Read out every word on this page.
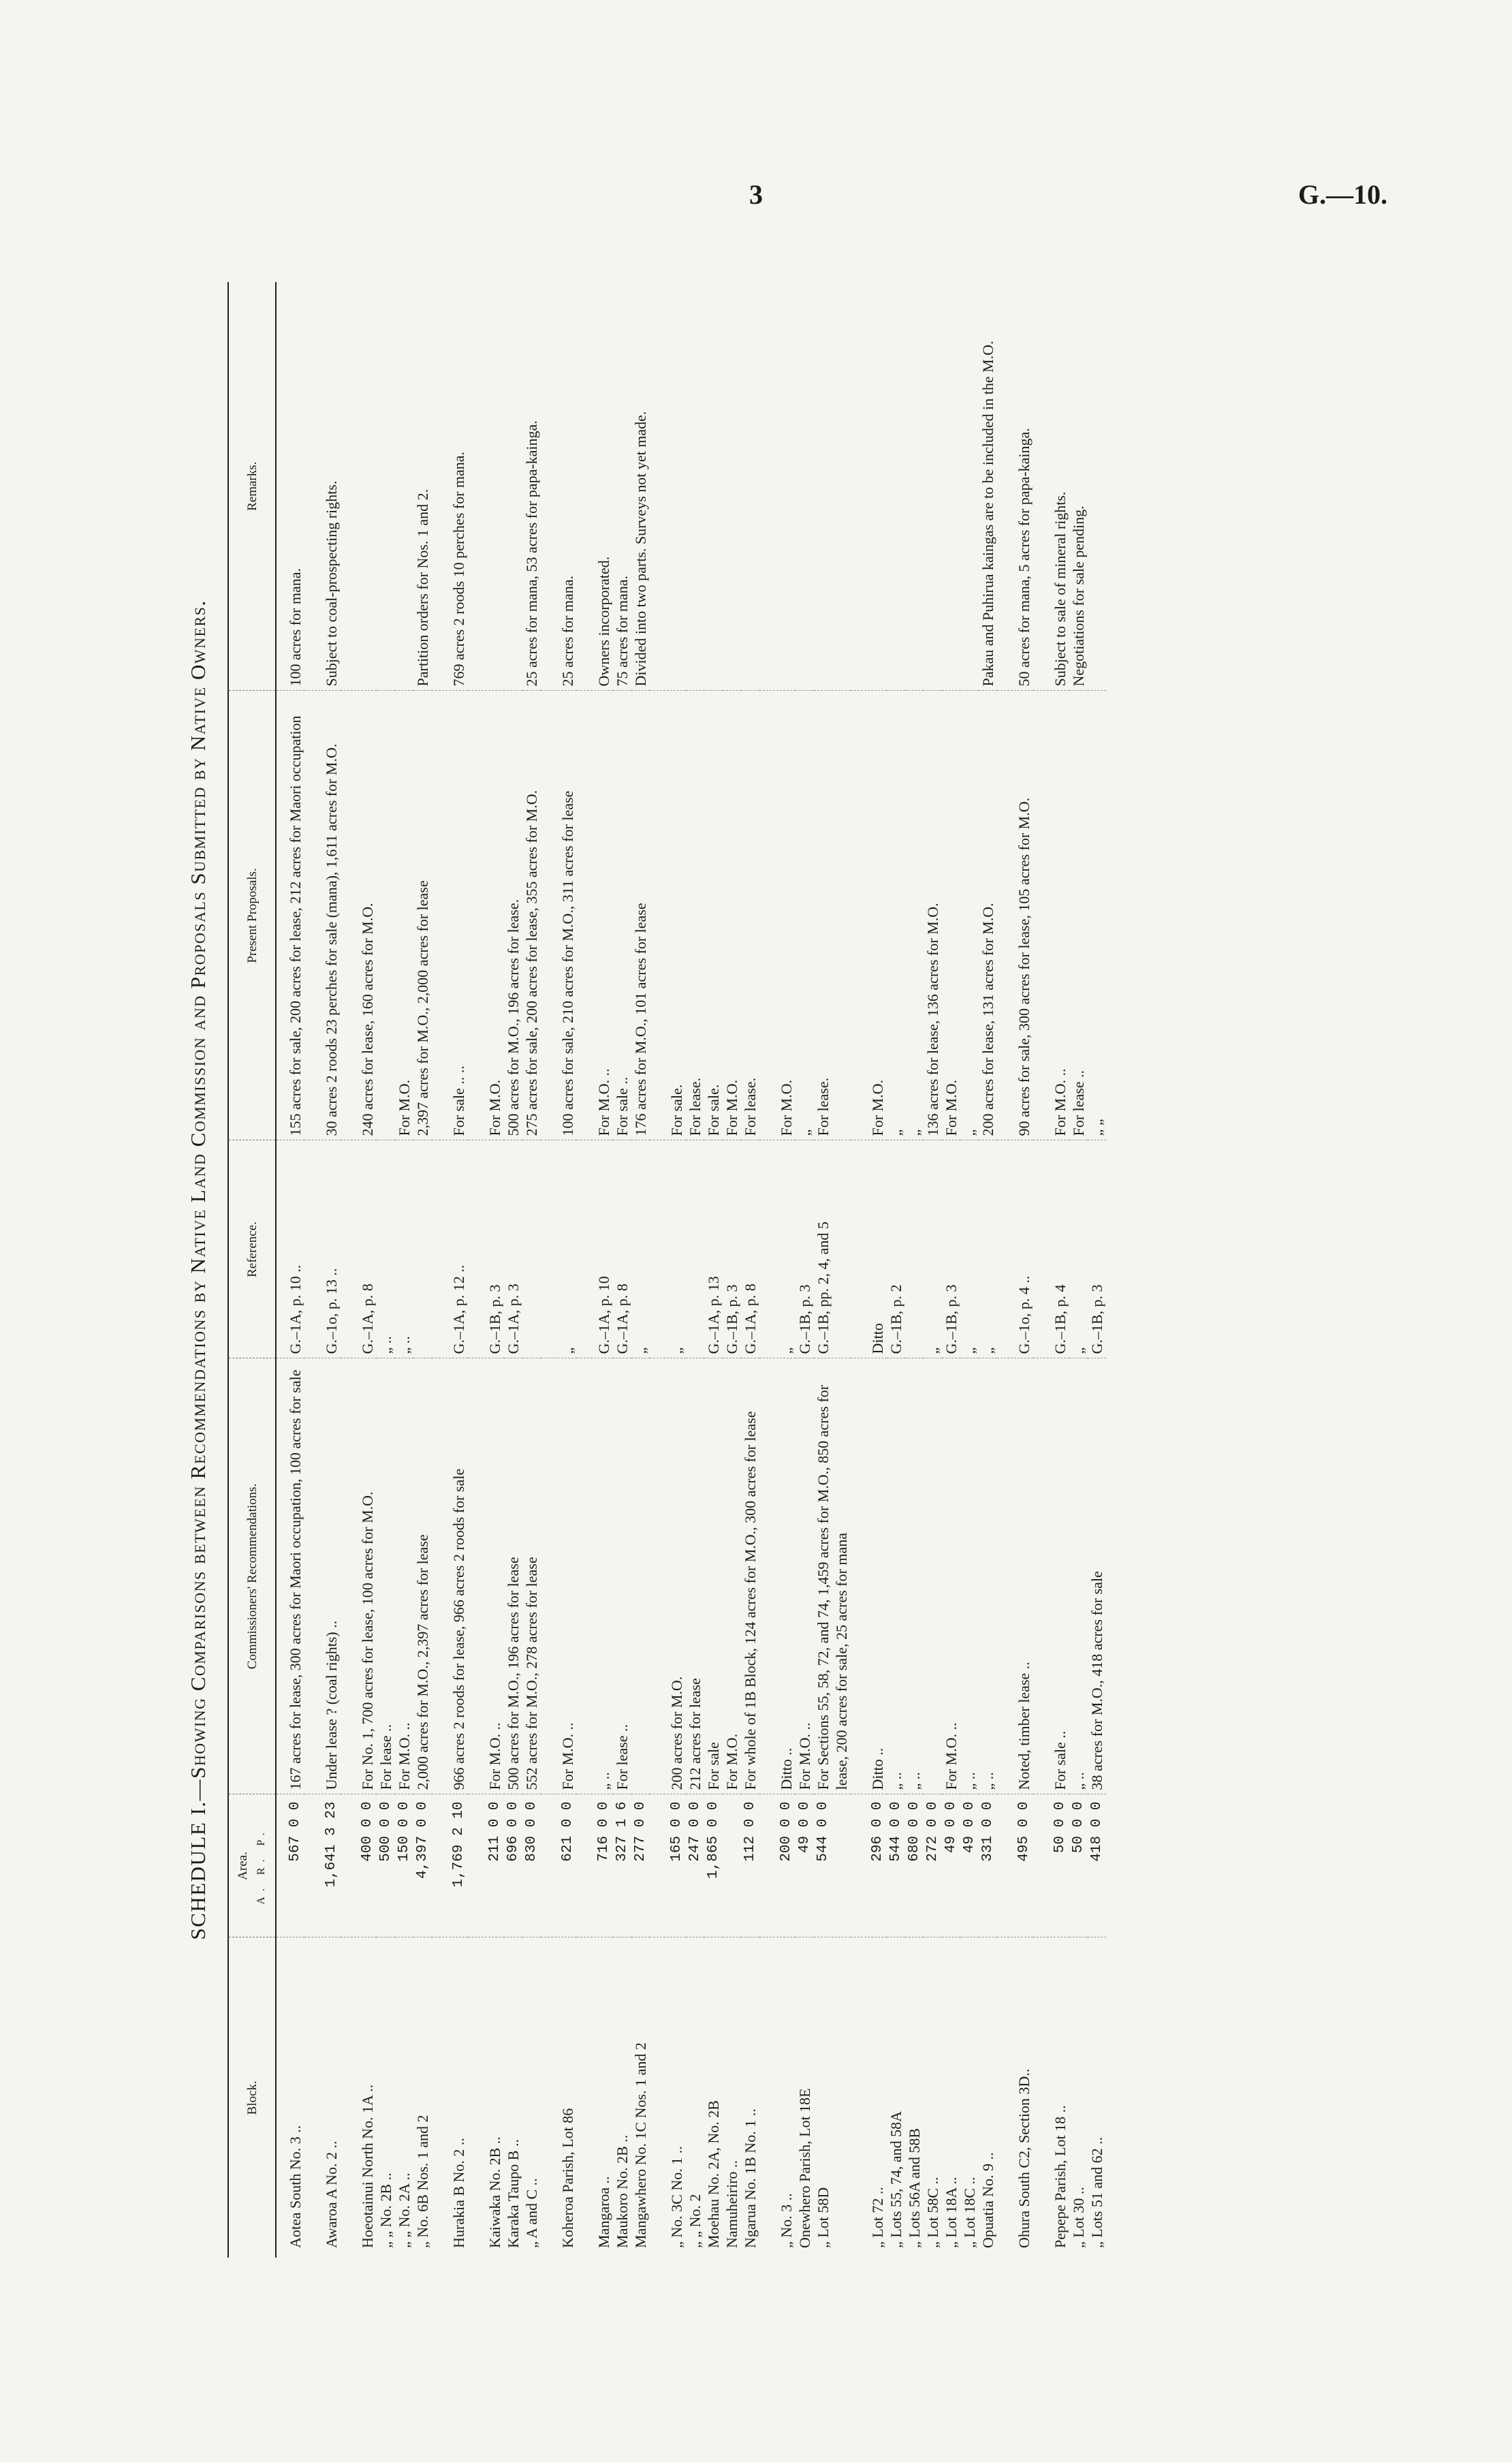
3	G.—10.
SCHEDULE I.—Showing Comparisons between Recommendations by Native Land Commission and Proposals Submitted by Native Owners.
Block.	Area. A. R. P.	Commissioners' Recommendations.	Reference.	Present Proposals.	Remarks.
Aotea South No. 3 ..	567 0 0	167 acres for lease, 300 acres for Maori occupation, 100 acres for sale	G.–1A, p. 10 ..	155 acres for sale, 200 acres for lease, 212 acres for Maori occupation	100 acres for mana.
Awaroa A No. 2 ..	1,641 3 23	Under lease ? (coal rights) ..	G.–1o, p. 13 ..	30 acres 2 roods 23 perches for sale (mana), 1,611 acres for M.O.	Subject to coal-prospecting rights.
Hoeotainui North No. 1A ..	400 0 0	For No. 1, 700 acres for lease, 100 acres for M.O.	G.–1A, p. 8	240 acres for lease, 160 acres for M.O.	
„ „ No. 2B ..	500 0 0	For lease ..	„ ..		
„ „ No. 2A ..	150 0 0	For M.O. ..	„ ..	For M.O.	
„ No. 6B Nos. 1 and 2	4,397 0 0	2,000 acres for M.O., 2,397 acres for lease		2,397 acres for M.O., 2,000 acres for lease	Partition orders for Nos. 1 and 2.
Hurakia B No. 2 ..	1,769 2 10	966 acres 2 roods for lease, 966 acres 2 roods for sale	G.–1A, p. 12 ..	For sale .. ..	769 acres 2 roods 10 perches for mana.
Kaiwaka No. 2B ..	211 0 0	For M.O. ..	G.–1B, p. 3	For M.O.	
Karaka Taupo B ..	696 0 0	500 acres for M.O., 196 acres for lease	G.–1A, p. 3	500 acres for M.O., 196 acres for lease.	
„ A and C ..	830 0 0	552 acres for M.O., 278 acres for lease		275 acres for sale, 200 acres for lease, 355 acres for M.O.	25 acres for mana, 53 acres for papa-kainga.
Koheroa Parish, Lot 86	621 0 0	For M.O. ..	„	100 acres for sale, 210 acres for M.O., 311 acres for lease	25 acres for mana.
Mangaroa ..	716 0 0	„ ..	G.–1A, p. 10	For M.O. ..	Owners incorporated.
Maukoro No. 2B ..	327 1 6	For lease ..	G.–1A, p. 8	For sale ..	75 acres for mana.
Mangawhero No. 1C Nos. 1 and 2	277 0 0		„	176 acres for M.O., 101 acres for lease	Divided into two parts. Surveys not yet made.
„ No. 3C No. 1 ..	165 0 0	200 acres for M.O.	„	For sale.	
„ „ No. 2	247 0 0	212 acres for lease		For lease.	
Moehau No. 2A, No. 2B	1,865 0 0	For sale	G.–1A, p. 13	For sale.	
Namuheiriro ..		For M.O.	G.–1B, p. 3	For M.O.	
Ngarua No. 1B No. 1 ..	112 0 0	For whole of 1B Block, 124 acres for M.O., 300 acres for lease	G.–1A, p. 8	For lease.	
„ No. 3 ..	200 0 0	Ditto ..	„	For M.O.	
Onewhero Parish, Lot 18E	49 0 0	For M.O. ..	G.–1B, p. 3	„	
„ Lot 58D	544 0 0	For Sections 55, 58, 72, and 74, 1,459 acres for M.O., 850 acres for lease, 200 acres for sale, 25 acres for mana	G.–1B, pp. 2, 4, and 5	For lease.	
„ Lot 72 ..	296 0 0	Ditto ..	Ditto	For M.O.	
„ Lots 55, 74, and 58A	544 0 0	„ ..	G.–1B, p. 2	„	
„ Lots 56A and 58B	680 0 0	„ ..		„	
„ Lot 58C ..	272 0 0		„	136 acres for lease, 136 acres for M.O.	
„ Lot 18A ..	49 0 0	For M.O. ..	G.–1B, p. 3	For M.O.	
„ Lot 18C ..	49 0 0	„ ..	„	„	
Opuatia No. 9 ..	331 0 0	„ ..	„	200 acres for lease, 131 acres for M.O.	Pakau and Puhirua kaingas are to be included in the M.O.
Ohura South C2, Section 3D..	495 0 0	Noted, timber lease ..	G.–1o, p. 4 ..	90 acres for sale, 300 acres for lease, 105 acres for M.O.	50 acres for mana, 5 acres for papa-kainga.
Pepepe Parish, Lot 18 ..	50 0 0	For sale ..	G.–1B, p. 4	For M.O. ..	Subject to sale of mineral rights.
„ Lot 30 ..	50 0 0	„ ..	„	For lease ..	Negotiations for sale pending.
„ Lots 51 and 62 ..	418 0 0	38 acres for M.O., 418 acres for sale	G.–1B, p. 3	„ „	
